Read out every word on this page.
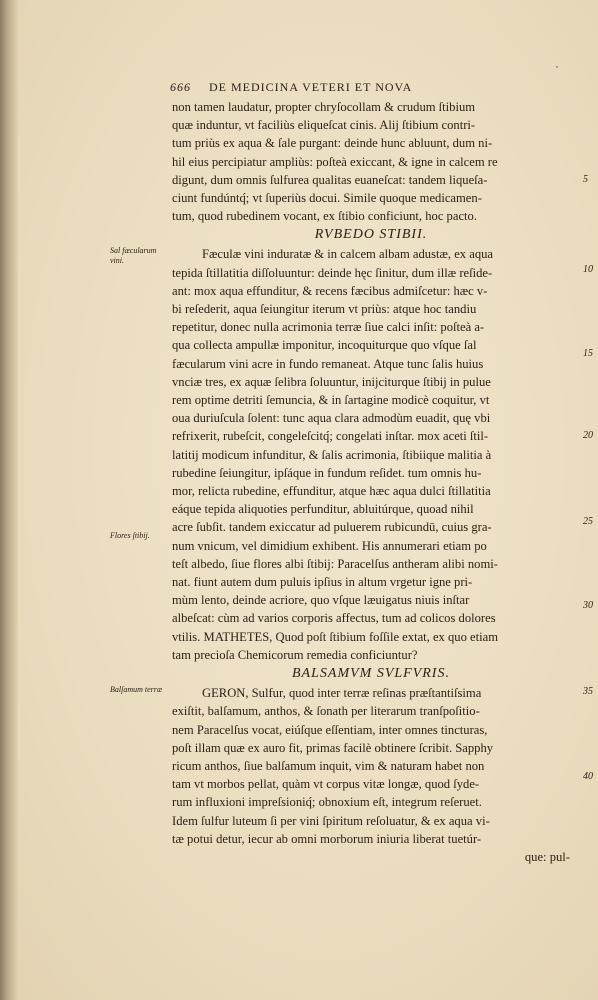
,
666 DE MEDICINA VETERI ET NOVA
Sal fæcularum vini.
Flores ſtibij.
Balſamum terræ
5
10
15
20
25
30
35
40
non tamen laudatur, propter chryſocollam & crudum ſtibium
quæ induntur, vt faciliùs eliqueſcat cinis. Alij ſtibium contri-
tum priùs ex aqua & ſale purgant: deinde hunc abluunt, dum ni-
hil eius percipiatur ampliùs: poſteà exiccant, & igne in calcem re
digunt, dum omnis ſulfurea qualitas euaneſcat: tandem liqueſa-
ciunt fundúntq́; vt ſuperiùs docui. Simile quoque medicamen-
tum, quod rubedinem vocant, ex ſtibio conficiunt, hoc pacto.
RVBEDO STIBII.
Fæculæ vini induratæ & in calcem albam adustæ, ex aqua
tepida ſtillatitia diſſoluuntur: deinde hęc ſinitur, dum illæ reſide-
ant: mox aqua effunditur, & recens fæcibus admiſcetur: hæc v-
bi reſederit, aqua ſeiungitur iterum vt priùs: atque hoc tandiu
repetitur, donec nulla acrimonia terræ ſiue calci inſit: poſteà a-
qua collecta ampullæ imponitur, incoquiturque quo vſque ſal
fæcularum vini acre in fundo remaneat. Atque tunc ſalis huius
vnciæ tres, ex aquæ ſelibra ſoluuntur, inijciturque ſtibij in pulue
rem optime detriti ſemuncia, & in ſartagine modicè coquitur, vt
oua duriuſcula ſolent: tunc aqua clara admodùm euadit, quę vbi
refrixerit, rubeſcit, congeleſcitq́; congelati inſtar. mox aceti ſtil-
latitij modicum infunditur, & ſalis acrimonia, ſtibiique malitia à
rubedine ſeiungitur, ipſáque in fundum reſidet. tum omnis hu-
mor, relicta rubedine, effunditur, atque hæc aqua dulci ſtillatitia
eáque tepida aliquoties perfunditur, abluitúrque, quoad nihil
acre ſubſit. tandem exiccatur ad puluerem rubicundū, cuius gra-
num vnicum, vel dimidium exhibent. His annumerari etiam po
teſt albedo, ſiue flores albi ſtibij: Paracelſus antheram alibi nomi-
nat. fiunt autem dum puluis ipſius in altum vrgetur igne pri-
mùm lento, deinde acriore, quo vſque læuigatus niuis inſtar
albeſcat: cùm ad varios corporis affectus, tum ad colicos dolores
vtilis. MATHETES, Quod poſt ſtibium foſſile extat, ex quo etiam
tam precioſa Chemicorum remedia conficiuntur?
BALSAMVM SVLFVRIS.
GERON, Sulfur, quod inter terræ reſinas præſtantiſsima
exiſtit, balſamum, anthos, & ſonath per literarum tranſpoſitio-
nem Paracelſus vocat, eiúſque eſſentiam, inter omnes tincturas,
poſt illam quæ ex auro fit, primas facilè obtinere ſcribit. Sapphy
ricum anthos, ſiue balſamum inquit, vim & naturam habet non
tam vt morbos pellat, quàm vt corpus vitæ longæ, quod ſyde-
rum influxioni impreſsioniq́; obnoxium eſt, integrum reſeruet.
Idem ſulfur luteum ſi per vini ſpiritum reſoluatur, & ex aqua vi-
tæ potui detur, iecur ab omni morborum iniuria liberat tuetúr-
que: pul-
